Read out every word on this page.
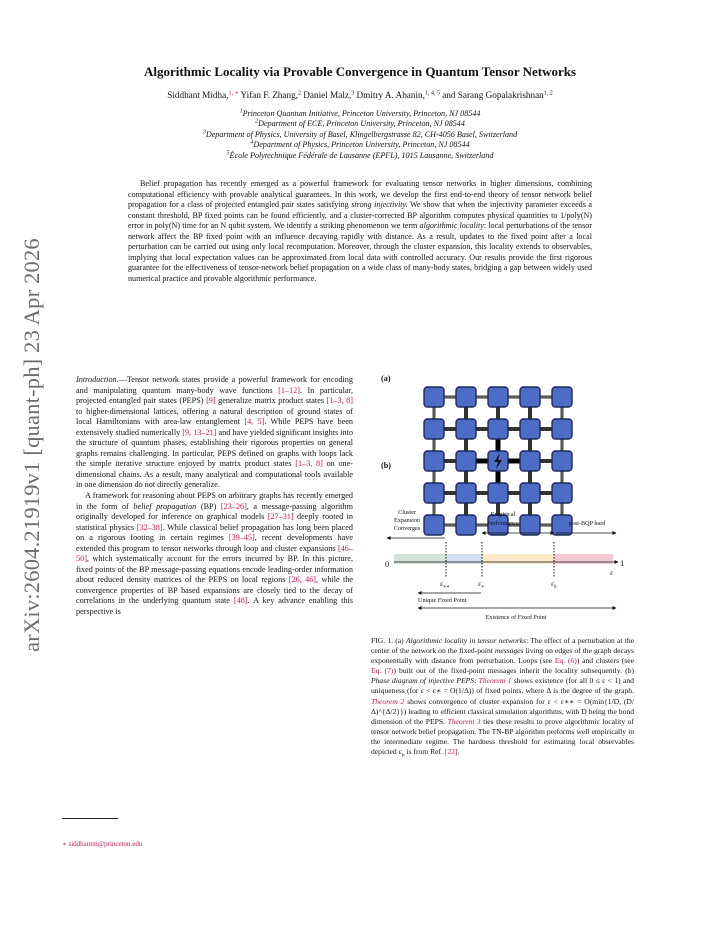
arXiv:2604.21919v1 [quant-ph] 23 Apr 2026
Algorithmic Locality via Provable Convergence in Quantum Tensor Networks
Siddhant Midha,$^{1, ∗}$ Yifan F. Zhang,$^2$ Daniel Malz,$^3$ Dmitry A. Abanin,$^{1, 4, 5}$ and Sarang Gopalakrishnan$^{1, 2}$
$^1$Princeton Quantum Initiative, Princeton University, Princeton, NJ 08544
$^2$Department of ECE, Princeton University, Princeton, NJ 08544
$^3$Department of Physics, University of Basel, Klingelbergstrasse 82, CH-4056 Basel, Switzerland
$^4$Department of Physics, Princeton University, Princeton, NJ 08544
$^5$École Polytechnique Fédérale de Lausanne (EPFL), 1015 Lausanne, Switzerland
Belief propagation has recently emerged as a powerful framework for evaluating tensor networks in higher dimensions, combining computational efficiency with provable analytical guarantees. In this work, we develop the first end-to-end theory of tensor network belief propagation for a class of projected entangled pair states satisfying strong injectivity. We show that when the injectivity parameter exceeds a constant threshold, BP fixed points can be found efficiently, and a cluster-corrected BP algorithm computes physical quantities to 1/poly(N) error in poly(N) time for an N qubit system. We identify a striking phenomenon we term algorithmic locality: local perturbations of the tensor network affect the BP fixed point with an influence decaying rapidly with distance. As a result, updates to the fixed point after a local perturbation can be carried out using only local recomputation. Moreover, through the cluster expansion, this locality extends to observables, implying that local expectation values can be approximated from local data with controlled accuracy. Our results provide the first rigorous guarantee for the effectiveness of tensor-network belief propagation on a wide class of many-body states, bridging a gap between widely used numerical practice and provable algorithmic performance.

Introduction.—Tensor network states provide a powerful framework for encoding and manipulating quantum many-body wave functions [1–12]. In particular, projected entangled pair states (PEPS) [9] generalize matrix product states [1–3, 8] to higher-dimensional lattices, offering a natural description of ground states of local Hamiltonians with area-law entanglement [4, 5]. While PEPS have been extensively studied numerically [9, 13–21] and have yielded significant insights into the structure of quantum phases, establishing their rigorous properties on general graphs remains challenging. In particular, PEPS defined on graphs with loops lack the simple iterative structure enjoyed by matrix product states [1–3, 8] on one-dimensional chains. As a result, many analytical and computational tools available in one dimension do not directly generalize.

A framework for reasoning about PEPS on arbitrary graphs has recently emerged in the form of belief propagation (BP) [23–26], a message-passing algorithm originally developed for inference on graphical models [27–31] deeply rooted in statistical physics [32–38]. While classical belief propagation has long been placed on a rigorous footing in certain regimes [39–45], recent developments have extended this program to tensor networks through loop and cluster expansions [46–50], which systematically account for the errors incurred by BP. In this picture, fixed points of the BP message-passing equations encode leading-order information about reduced density matrices of the PEPS on local regions [26, 46], while the convergence properties of BP based expansions are closely tied to the decay of correlations in the underlying quantum state [48]. A key advance enabling this perspective is

∗ siddhantm@princeton.edu
(a)
(b)
Cluster
Expansion
Converges
Empirical
Performance	post-BQP hard
0	1
ε
$\varepsilon_{∗∗}$	$\varepsilon_∗$	$\varepsilon_h$
Unique Fixed Point
Existence of Fixed Point
FIG. 1. (a) Algorithmic locality in tensor networks: The effect of a perturbation at the center of the network on the fixed-point messages living on edges of the graph decays exponentially with distance from perturbation. Loops (see Eq. (6)) and clusters (see Eq. (7)) built out of the fixed-point messages inherit the locality subsequently. (b) Phase diagram of injective PEPS: Theorem 1 shows existence (for all 0 ≤ ε < 1) and uniqueness (for ε < ε∗ = O(1/Δ)) of fixed points, where Δ is the degree of the graph. Theorem 2 shows convergence of cluster expansion for ε < ε∗∗ = O(min{1/D, (D/Δ)^{Δ/2}}) leading to efficient classical simulation algorithms, with D being the bond dimension of the PEPS. Theorem 3 ties these results to prove algorithmic locality of tensor network belief propagation. The TN-BP algorithm performs well empirically in the intermediate regime. The hardness threshold for estimating local observables depicted $\varepsilon_h$ is from Ref. [22].
